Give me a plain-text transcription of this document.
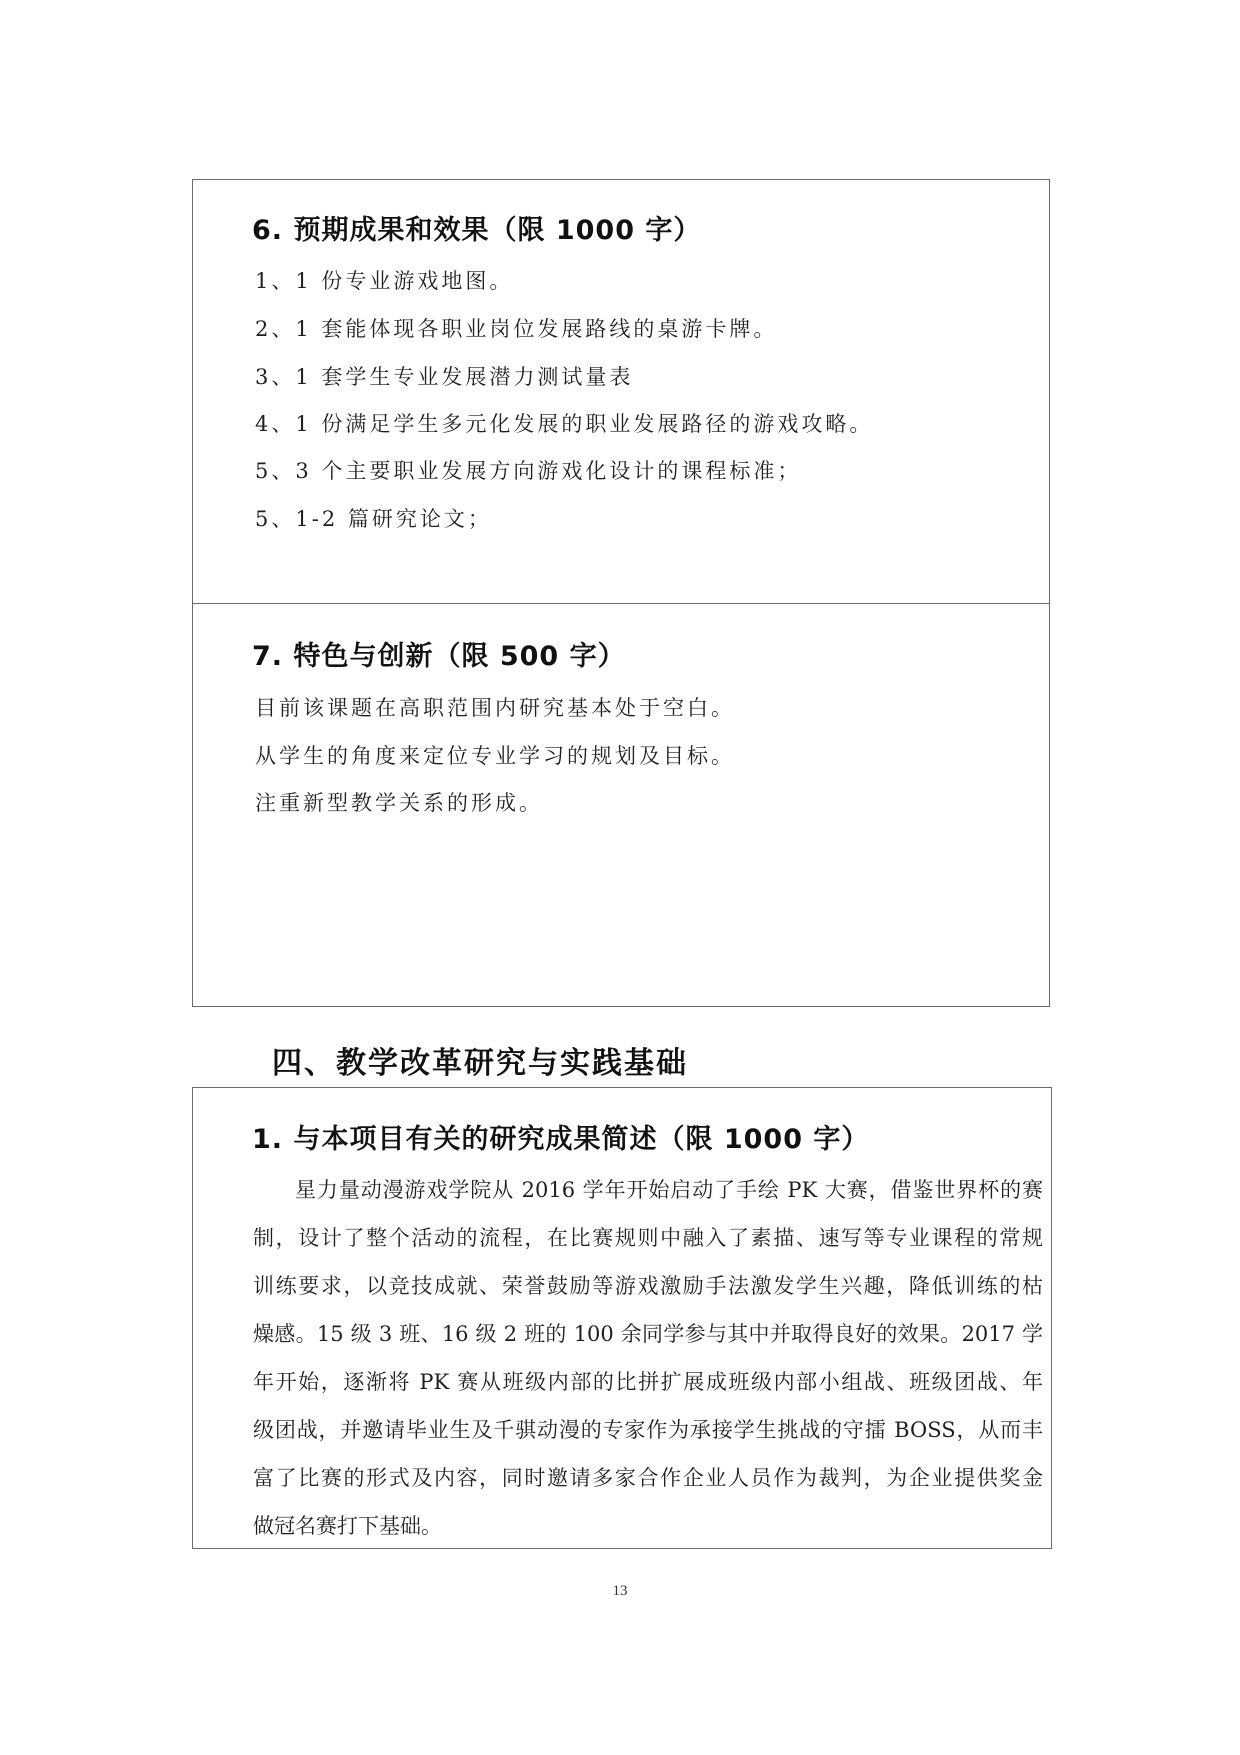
6. 预期成果和效果（限 1000 字）
1、1 份专业游戏地图。
2、1 套能体现各职业岗位发展路线的桌游卡牌。
3、1 套学生专业发展潜力测试量表
4、1 份满足学生多元化发展的职业发展路径的游戏攻略。
5、3 个主要职业发展方向游戏化设计的课程标准；
5、1-2 篇研究论文；
7. 特色与创新（限 500 字）
目前该课题在高职范围内研究基本处于空白。
从学生的角度来定位专业学习的规划及目标。
注重新型教学关系的形成。
四、教学改革研究与实践基础
1. 与本项目有关的研究成果简述（限 1000 字）
星力量动漫游戏学院从 2016 学年开始启动了手绘 PK 大赛，借鉴世界杯的赛
制，设计了整个活动的流程，在比赛规则中融入了素描、速写等专业课程的常规
训练要求，以竞技成就、荣誉鼓励等游戏激励手法激发学生兴趣，降低训练的枯
燥感。15 级 3 班、16 级 2 班的 100 余同学参与其中并取得良好的效果。2017 学
年开始，逐渐将 PK 赛从班级内部的比拼扩展成班级内部小组战、班级团战、年
级团战，并邀请毕业生及千骐动漫的专家作为承接学生挑战的守擂 BOSS，从而丰
富了比赛的形式及内容，同时邀请多家合作企业人员作为裁判，为企业提供奖金
做冠名赛打下基础。
13
